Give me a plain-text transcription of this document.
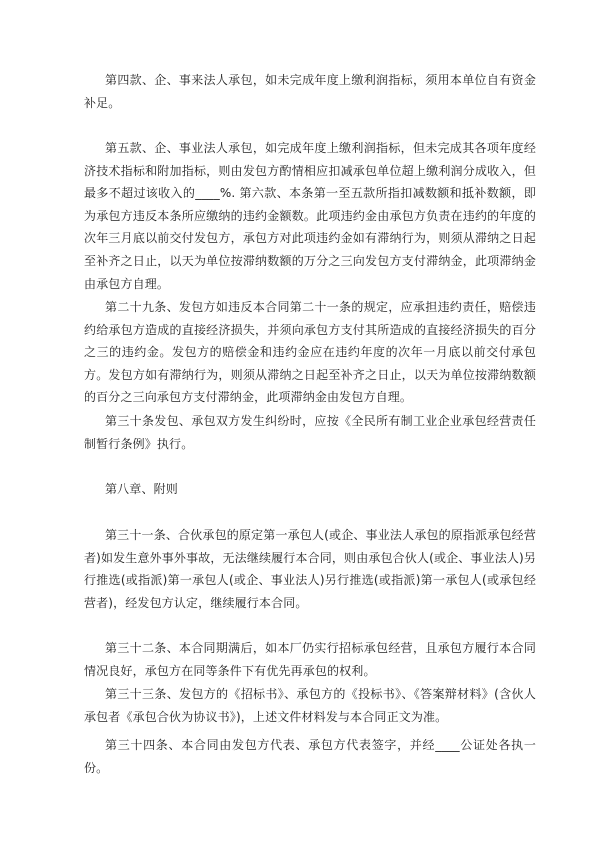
第四款、企、事来法人承包，如未完成年度上缴利润指标，须用本单位自有资金补足。

第五款、企、事业法人承包，如完成年度上缴利润指标，但未完成其各项年度经济技术指标和附加指标，则由发包方酌情相应扣减承包单位超上缴利润分成收入，但最多不超过该收入的____%. 第六款、本条第一至五款所指扣减数额和抵补数额，即为承包方违反本条所应缴纳的违约金额数。此项违约金由承包方负责在违约的年度的次年三月底以前交付发包方，承包方对此项违约金如有滞纳行为，则须从滞纳之日起至补齐之日止，以天为单位按滞纳数额的万分之三向发包方支付滞纳金，此项滞纳金由承包方自理。

第二十九条、发包方如违反本合同第二十一条的规定，应承担违约责任，赔偿违约给承包方造成的直接经济损失，并须向承包方支付其所造成的直接经济损失的百分之三的违约金。发包方的赔偿金和违约金应在违约年度的次年一月底以前交付承包方。发包方如有滞纳行为，则须从滞纳之日起至补齐之日止，以天为单位按滞纳数额的百分之三向承包方支付滞纳金，此项滞纳金由发包方自理。

第三十条发包、承包双方发生纠纷时，应按《全民所有制工业企业承包经营责任制暂行条例》执行。

第八章、附则

第三十一条、合伙承包的原定第一承包人(或企、事业法人承包的原指派承包经营者)如发生意外事外事故，无法继续履行本合同，则由承包合伙人(或企、事业法人)另行推选(或指派)第一承包人(或企、事业法人)另行推选(或指派)第一承包人(或承包经营者)，经发包方认定，继续履行本合同。

第三十二条、本合同期满后，如本厂仍实行招标承包经营，且承包方履行本合同情况良好，承包方在同等条件下有优先再承包的权利。

第三十三条、发包方的《招标书》、承包方的《投标书》、《答案辩材料》(含伙人承包者《承包合伙为协议书》)，上述文件材料发与本合同正文为准。

第三十四条、本合同由发包方代表、承包方代表签字，并经____公证处各执一份。
